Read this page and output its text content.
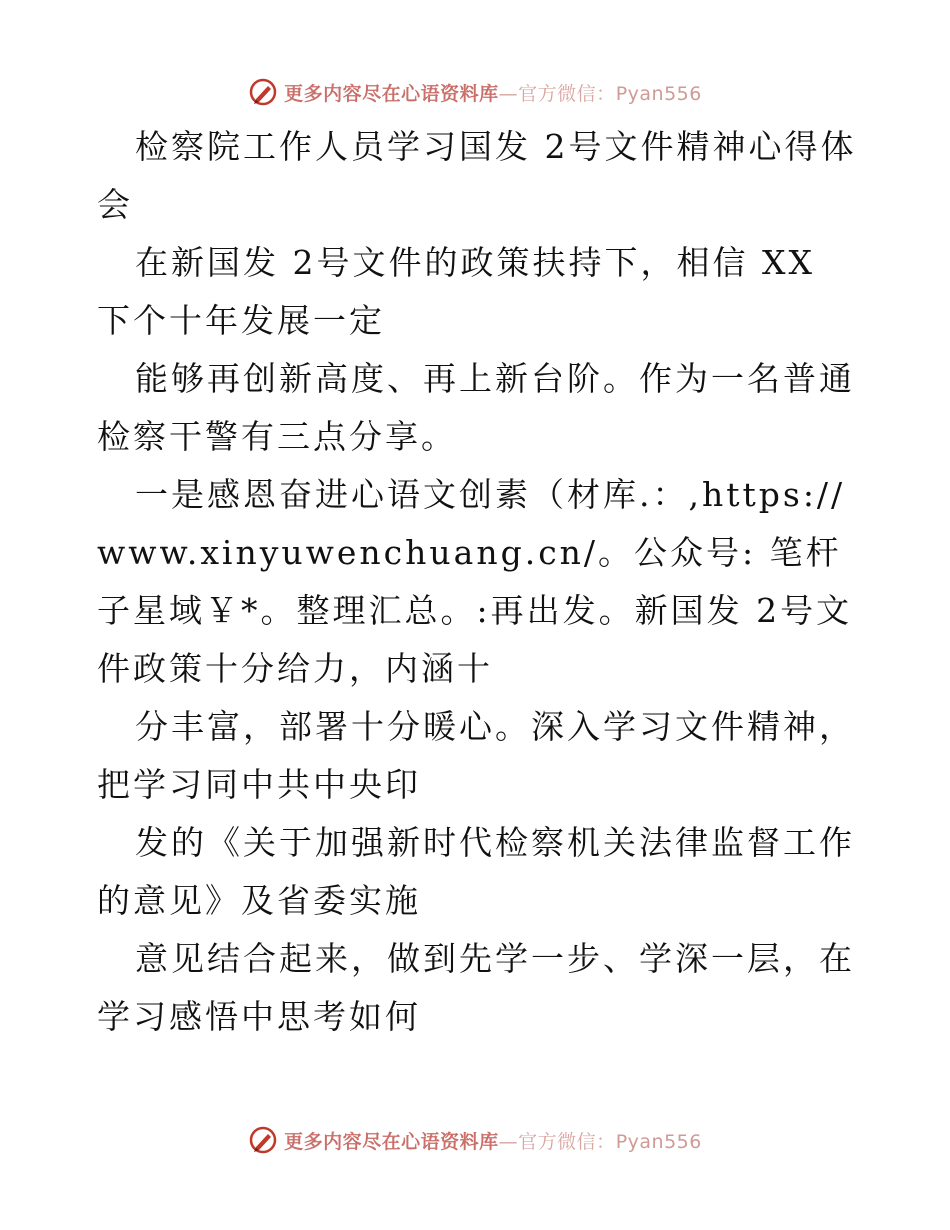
更多内容尽在心语资料库—官方微信：Pyan556

检察院工作人员学习国发 2号文件精神心得体会

在新国发 2号文件的政策扶持下，相信 XX 下个十年发展一定

能够再创新高度、再上新台阶。作为一名普通检察干警有三点分享。

一是感恩奋进心语文创素（材库.：,https://www.xinyuwenchuang.cn/。公众号: 笔杆子星域￥*。整理汇总。:再出发。新国发 2号文件政策十分给力，内涵十

分丰富，部署十分暖心。深入学习文件精神，把学习同中共中央印

发的《关于加强新时代检察机关法律监督工作的意见》及省委实施

意见结合起来，做到先学一步、学深一层，在学习感悟中思考如何

更多内容尽在心语资料库—官方微信：Pyan556
